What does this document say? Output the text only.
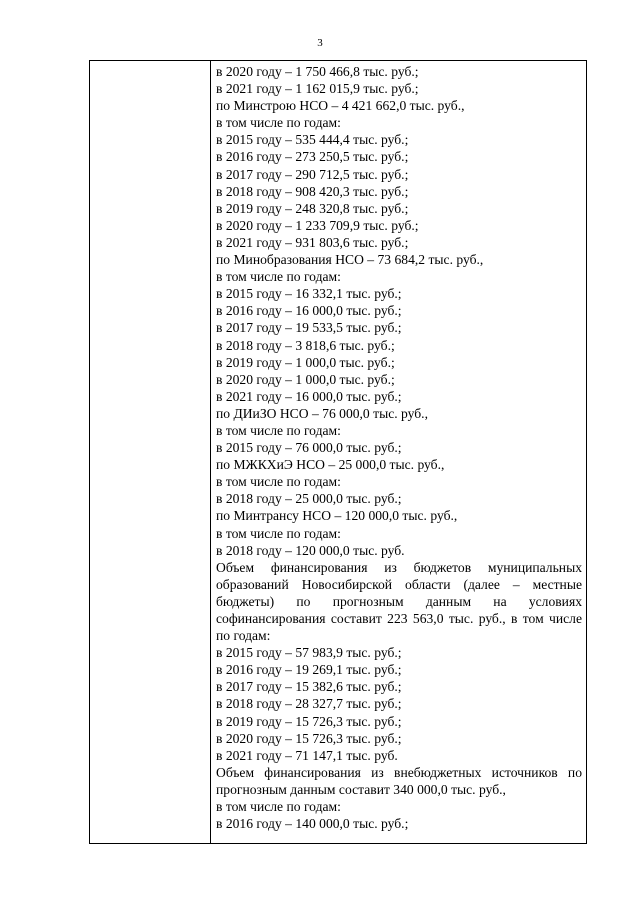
3
в 2020 году – 1 750 466,8 тыс. руб.;
в 2021 году – 1 162 015,9 тыс. руб.;
по Минстрою НСО – 4 421 662,0 тыс. руб.,
в том числе по годам:
в 2015 году – 535 444,4 тыс. руб.;
в 2016 году – 273 250,5 тыс. руб.;
в 2017 году – 290 712,5 тыс. руб.;
в 2018 году – 908 420,3 тыс. руб.;
в 2019 году – 248 320,8 тыс. руб.;
в 2020 году – 1 233 709,9 тыс. руб.;
в 2021 году – 931 803,6 тыс. руб.;
по Минобразования НСО – 73 684,2 тыс. руб.,
в том числе по годам:
в 2015 году – 16 332,1 тыс. руб.;
в 2016 году – 16 000,0 тыс. руб.;
в 2017 году – 19 533,5 тыс. руб.;
в 2018 году – 3 818,6 тыс. руб.;
в 2019 году – 1 000,0 тыс. руб.;
в 2020 году – 1 000,0 тыс. руб.;
в 2021 году – 16 000,0 тыс. руб.;
по ДИиЗО НСО – 76 000,0 тыс. руб.,
в том числе по годам:
в 2015 году – 76 000,0 тыс. руб.;
по МЖКХиЭ НСО – 25 000,0 тыс. руб.,
в том числе по годам:
в 2018 году – 25 000,0 тыс. руб.;
по Минтрансу НСО – 120 000,0 тыс. руб.,
в том числе по годам:
в 2018 году – 120 000,0 тыс. руб.
Объем финансирования из бюджетов муниципальных образований Новосибирской области (далее – местные бюджеты) по прогнозным данным на условиях софинансирования составит 223 563,0 тыс. руб., в том числе по годам:
в 2015 году – 57 983,9 тыс. руб.;
в 2016 году – 19 269,1 тыс. руб.;
в 2017 году – 15 382,6 тыс. руб.;
в 2018 году – 28 327,7 тыс. руб.;
в 2019 году – 15 726,3 тыс. руб.;
в 2020 году – 15 726,3 тыс. руб.;
в 2021 году – 71 147,1 тыс. руб.
Объем финансирования из внебюджетных источников по прогнозным данным составит 340 000,0 тыс. руб.,
в том числе по годам:
в 2016 году – 140 000,0 тыс. руб.;
